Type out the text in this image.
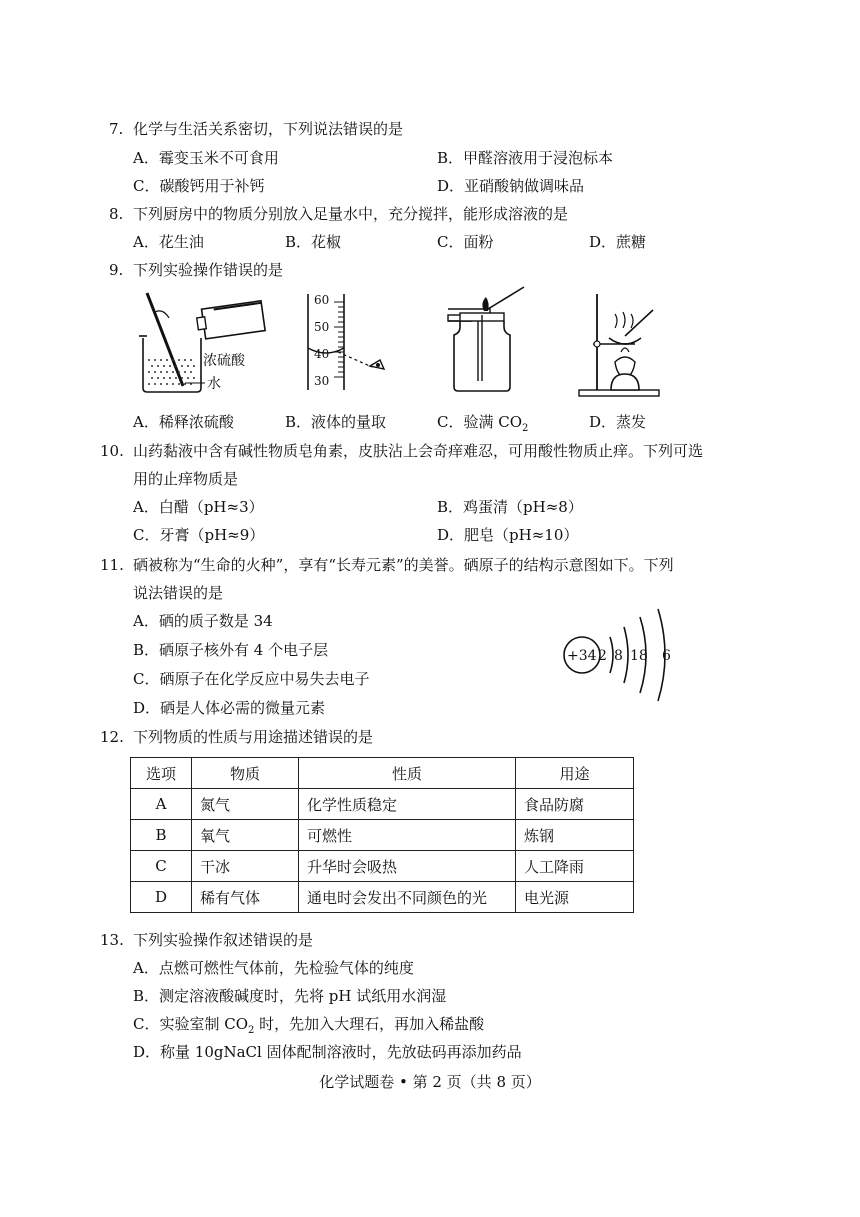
7. 化学与生活关系密切，下列说法错误的是
A．霉变玉米不可食用	B．甲醛溶液用于浸泡标本
C．碳酸钙用于补钙	D．亚硝酸钠做调味品
8. 下列厨房中的物质分别放入足量水中，充分搅拌，能形成溶液的是
A．花生油	B．花椒	C．面粉	D．蔗糖
9. 下列实验操作错误的是
浓硫酸
水
60
50
40
30
A．稀释浓硫酸	B．液体的量取	C．验满 $CO_2$	D．蒸发
10. 山药黏液中含有碱性物质皂角素，皮肤沾上会奇痒难忍，可用酸性物质止痒。下列可选
用的止痒物质是
A．白醋（pH≈3）	B．鸡蛋清（pH≈8）
C．牙膏（pH≈9）	D．肥皂（pH≈10）
11. 硒被称为“生命的火种”，享有“长寿元素”的美誉。硒原子的结构示意图如下。下列
说法错误的是
A．硒的质子数是 34
B．硒原子核外有 4 个电子层
C．硒原子在化学反应中易失去电子
D．硒是人体必需的微量元素
+34 2 8 18 6
12. 下列物质的性质与用途描述错误的是
选项	物质	性质	用途
A	氮气	化学性质稳定	食品防腐
B	氧气	可燃性	炼钢
C	干冰	升华时会吸热	人工降雨
D	稀有气体	通电时会发出不同颜色的光	电光源
13. 下列实验操作叙述错误的是
A．点燃可燃性气体前，先检验气体的纯度
B．测定溶液酸碱度时，先将 pH 试纸用水润湿
C．实验室制 $CO_2$ 时，先加入大理石，再加入稀盐酸
D．称量 10gNaCl 固体配制溶液时，先放砝码再添加药品
化学试题卷 • 第 2 页（共 8 页）
